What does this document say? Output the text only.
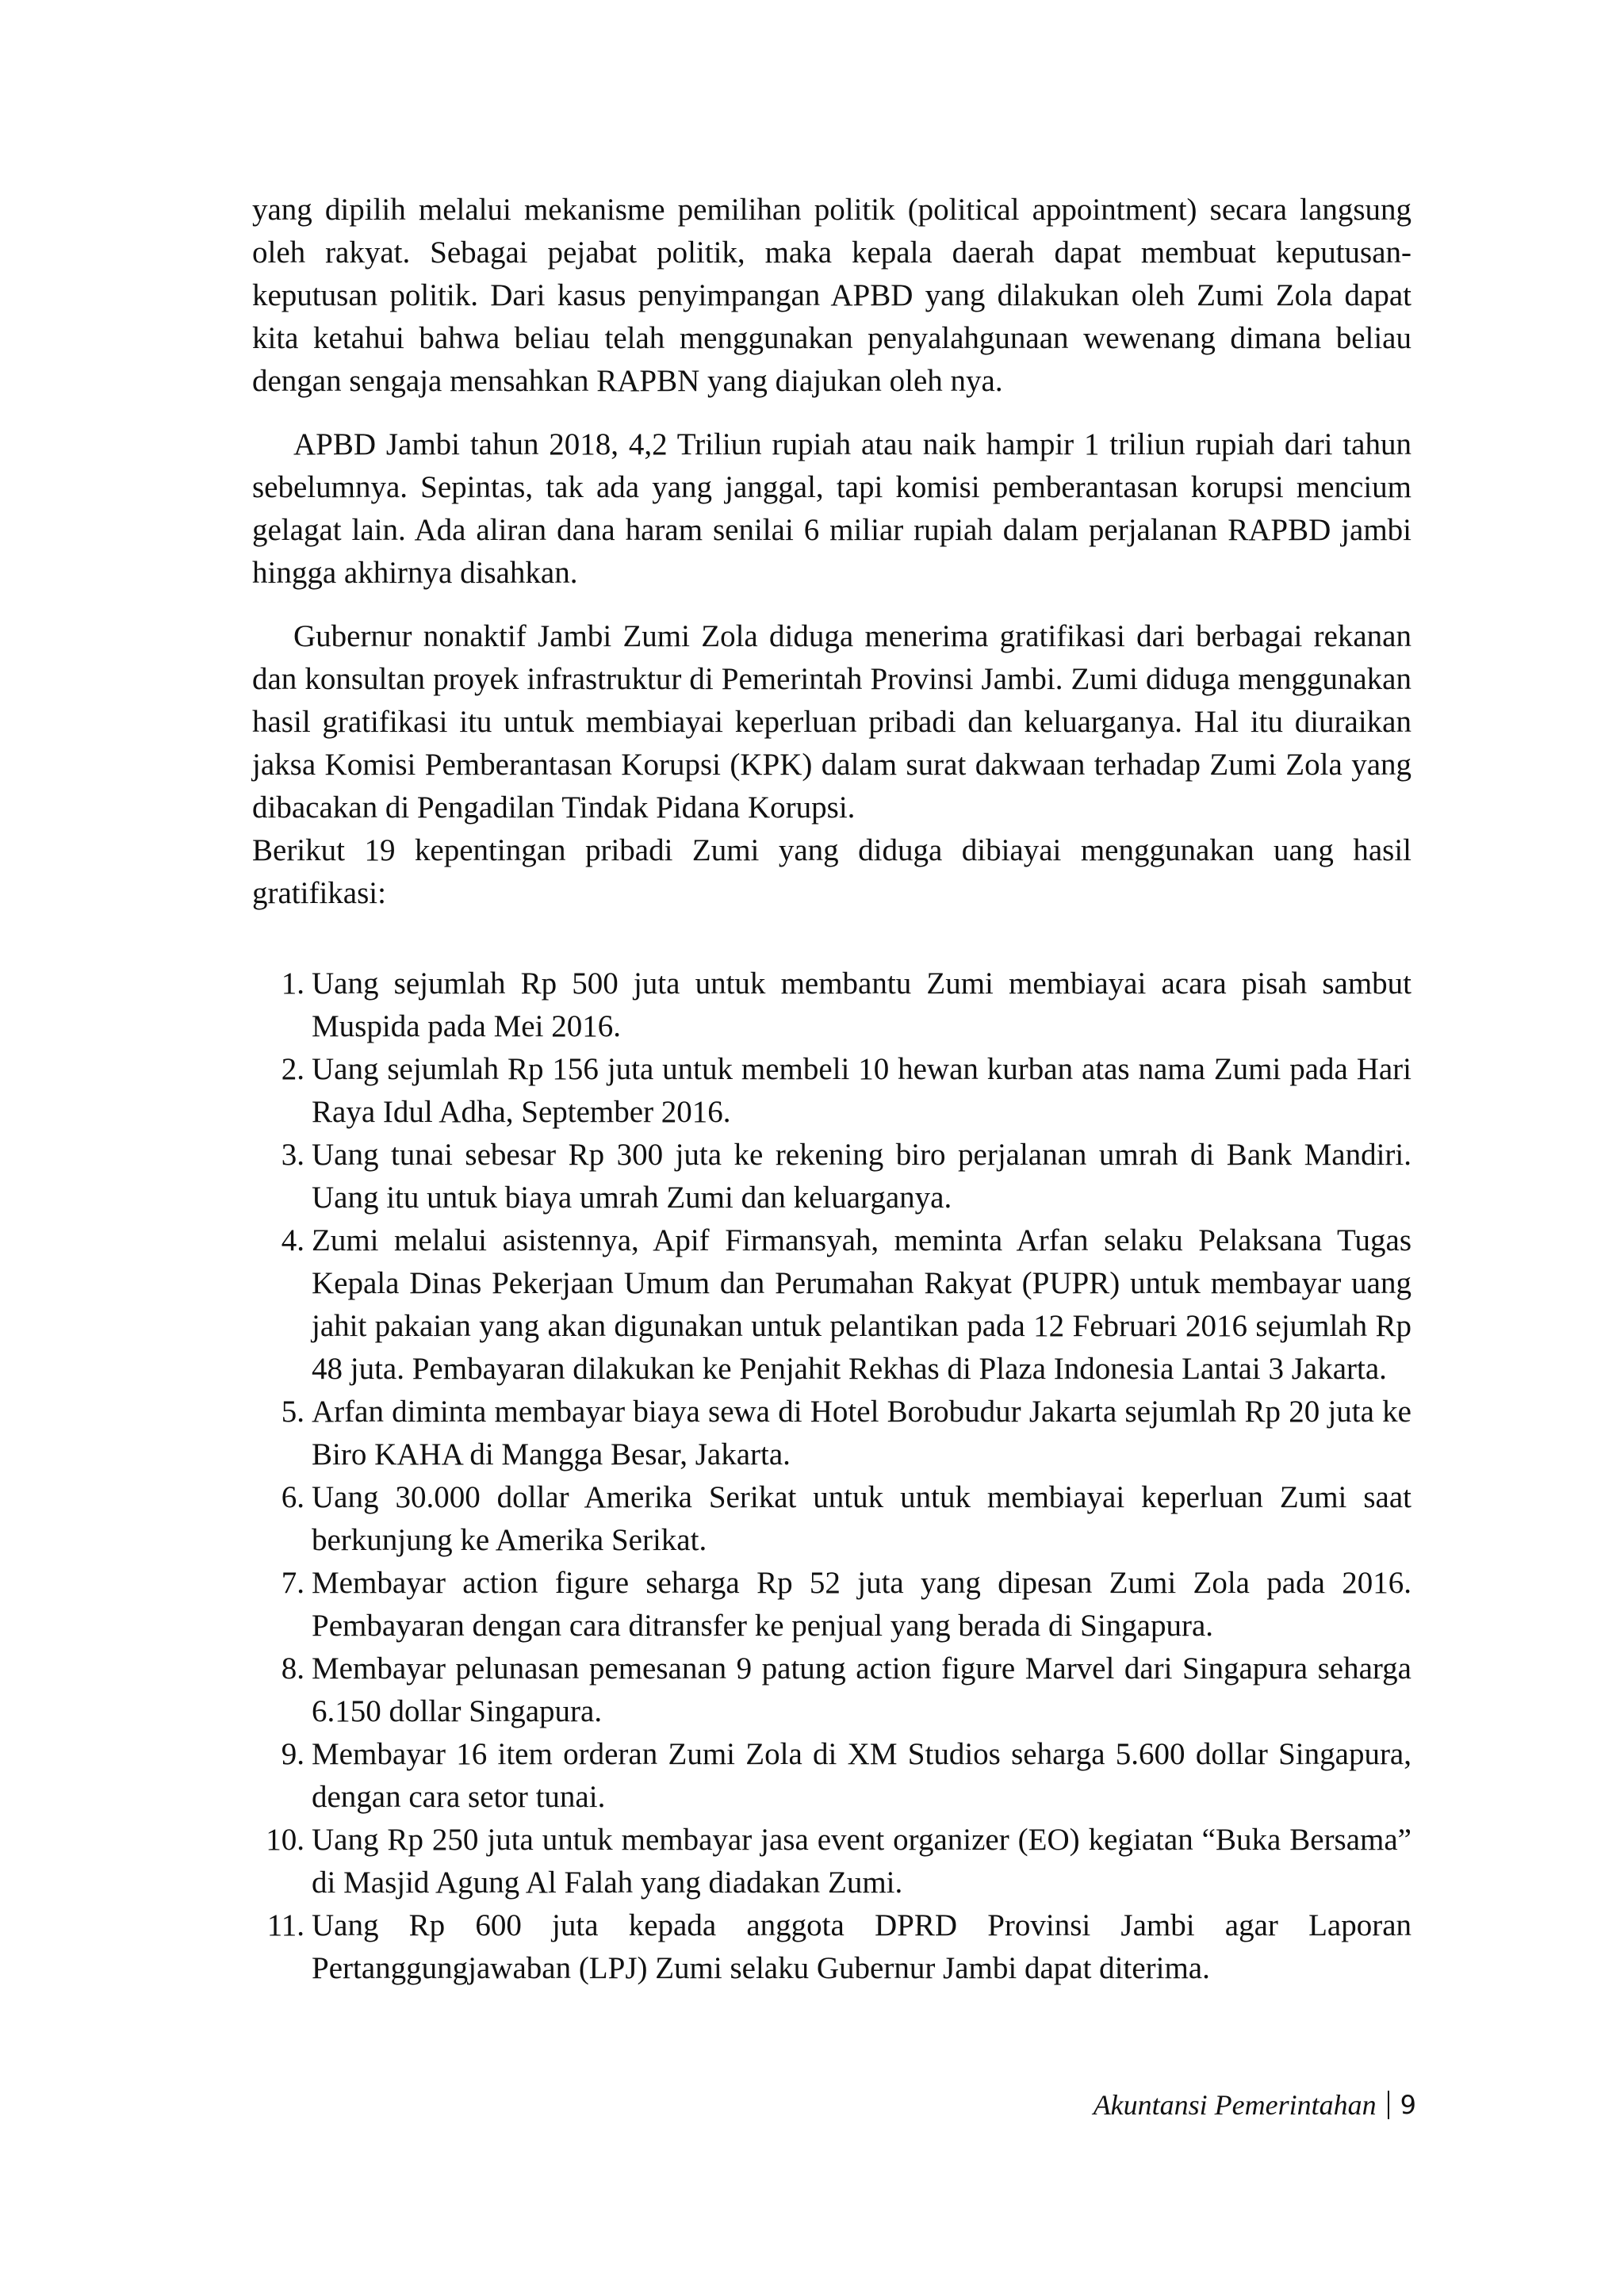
yang dipilih melalui mekanisme pemilihan politik (political appointment) secara langsung oleh rakyat. Sebagai pejabat politik, maka kepala daerah dapat membuat keputusan-keputusan politik. Dari kasus penyimpangan APBD yang dilakukan oleh Zumi Zola dapat kita ketahui bahwa beliau telah menggunakan penyalahgunaan wewenang dimana beliau dengan sengaja mensahkan RAPBN yang diajukan oleh nya.

APBD Jambi tahun 2018, 4,2 Triliun rupiah atau naik hampir 1 triliun rupiah dari tahun sebelumnya. Sepintas, tak ada yang janggal, tapi komisi pemberantasan korupsi mencium gelagat lain. Ada aliran dana haram senilai 6 miliar rupiah dalam perjalanan RAPBD jambi hingga akhirnya disahkan.

Gubernur nonaktif Jambi Zumi Zola diduga menerima gratifikasi dari berbagai rekanan dan konsultan proyek infrastruktur di Pemerintah Provinsi Jambi. Zumi diduga menggunakan hasil gratifikasi itu untuk membiayai keperluan pribadi dan keluarganya. Hal itu diuraikan jaksa Komisi Pemberantasan Korupsi (KPK) dalam surat dakwaan terhadap Zumi Zola yang dibacakan di Pengadilan Tindak Pidana Korupsi.

Berikut 19 kepentingan pribadi Zumi yang diduga dibiayai menggunakan uang hasil gratifikasi:

1. Uang sejumlah Rp 500 juta untuk membantu Zumi membiayai acara pisah sambut Muspida pada Mei 2016.
2. Uang sejumlah Rp 156 juta untuk membeli 10 hewan kurban atas nama Zumi pada Hari Raya Idul Adha, September 2016.
3. Uang tunai sebesar Rp 300 juta ke rekening biro perjalanan umrah di Bank Mandiri. Uang itu untuk biaya umrah Zumi dan keluarganya.
4. Zumi melalui asistennya, Apif Firmansyah, meminta Arfan selaku Pelaksana Tugas Kepala Dinas Pekerjaan Umum dan Perumahan Rakyat (PUPR) untuk membayar uang jahit pakaian yang akan digunakan untuk pelantikan pada 12 Februari 2016 sejumlah Rp 48 juta. Pembayaran dilakukan ke Penjahit Rekhas di Plaza Indonesia Lantai 3 Jakarta.
5. Arfan diminta membayar biaya sewa di Hotel Borobudur Jakarta sejumlah Rp 20 juta ke Biro KAHA di Mangga Besar, Jakarta.
6. Uang 30.000 dollar Amerika Serikat untuk untuk membiayai keperluan Zumi saat berkunjung ke Amerika Serikat.
7. Membayar action figure seharga Rp 52 juta yang dipesan Zumi Zola pada 2016. Pembayaran dengan cara ditransfer ke penjual yang berada di Singapura.
8. Membayar pelunasan pemesanan 9 patung action figure Marvel dari Singapura seharga 6.150 dollar Singapura.
9. Membayar 16 item orderan Zumi Zola di XM Studios seharga 5.600 dollar Singapura, dengan cara setor tunai.
10. Uang Rp 250 juta untuk membayar jasa event organizer (EO) kegiatan “Buka Bersama” di Masjid Agung Al Falah yang diadakan Zumi.
11. Uang Rp 600 juta kepada anggota DPRD Provinsi Jambi agar Laporan Pertanggungjawaban (LPJ) Zumi selaku Gubernur Jambi dapat diterima.
Akuntansi Pemerintahan 9
